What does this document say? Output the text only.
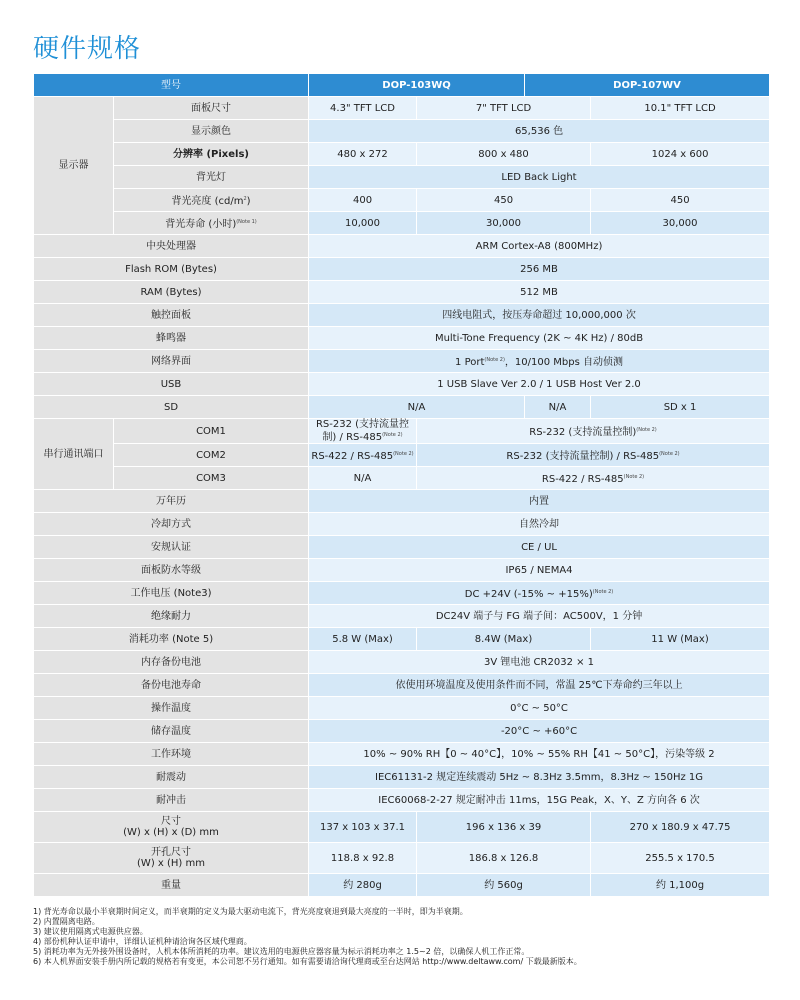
硬件规格
型号		DOP-103WQ		DOP-107WV	
显示器	面板尺寸	4.3" TFT LCD	7" TFT LCD		10.1" TFT LCD
	显示颜色	65,536 色			
	分辨率 (Pixels)	480 x 272	800 x 480		1024 x 600
	背光灯	LED Back Light			
	背光亮度 $(cd/m^2)$	400	450		450
	背光寿命 (小时)$^{(Note 1)}$	10,000	30,000		30,000
中央处理器		ARM Cortex-A8 (800MHz)			
Flash ROM (Bytes)		256 MB			
RAM (Bytes)		512 MB			
触控面板		四线电阻式，按压寿命超过 10,000,000 次			
蜂鸣器		Multi-Tone Frequency (2K ~ 4K Hz) / 80dB			
网络界面		1 Port$^{(Note 2)}$，10/100 Mbps 自动侦测			
USB		1 USB Slave Ver 2.0 / 1 USB Host Ver 2.0			
SD		N/A		N/A	SD x 1
串行通讯端口	COM1	RS-232 (支持流量控制) / $RS-485^{(Note 2)}$	RS-232 (支持流量控制)$^{(Note 2)}$
	COM2	$RS-422 / RS-485^{(Note 2)}$	RS-232 (支持流量控制) / $RS-485^{(Note 2)}$
	COM3	N/A	$RS-422 / RS-485^{(Note 2)}$
万年历		内置			
冷却方式		自然冷却			
安规认证		CE / UL			
面板防水等级		IP65 / NEMA4			
工作电压 (Note3)		DC +24V (-15% ~ +15%)$^{(Note 2)}$
绝缘耐力		DC24V 端子与 FG 端子间：AC500V，1 分钟			
消耗功率 (Note 5)		5.8 W (Max)	8.4W (Max)		11 W (Max)
内存备份电池		3V 锂电池 CR2032 × 1			
备份电池寿命		依使用环境温度及使用条件而不同，常温 25℃下寿命约三年以上			
操作温度		0°C ~ 50°C			
储存温度		-20°C ~ +60°C			
工作环境		10% ~ 90% RH【0 ~ 40°C】，10% ~ 55% RH【41 ~ 50°C】，污染等级 2			
耐震动		IEC61131-2 规定连续震动 5Hz ~ 8.3Hz 3.5mm，8.3Hz ~ 150Hz 1G			
耐冲击		IEC60068-2-27 规定耐冲击 11ms，15G Peak，X、Y、Z 方向各 6 次			

尺寸
(W) x (H) x (D) mm		137 x 103 x 37.1	196 x 136 x 39		270 x 180.9 x 47.75

开孔尺寸
(W) x (H) mm		118.8 x 92.8	186.8 x 126.8		255.5 x 170.5
重量		约 280g	约 560g		约 1,100g
1) 背光寿命以最小半衰期时间定义，而半衰期的定义为最大驱动电流下，背光亮度衰退到最大亮度的一半时，即为半衰期。
2) 内置隔离电路。
3) 建议使用隔离式电源供应器。
4) 部份机种认证申请中，详细认证机种请洽询各区域代理商。
5) 消耗功率为无外接外围设备时，人机本体所消耗的功率。建议选用的电源供应器容量为标示消耗功率之 1.5~2 倍，以确保人机工作正常。
6) 本人机界面安装手册内所记载的规格若有变更，本公司恕不另行通知。如有需要请洽询代理商或至台达网站 http://www.deltaww.com/ 下载最新版本。
